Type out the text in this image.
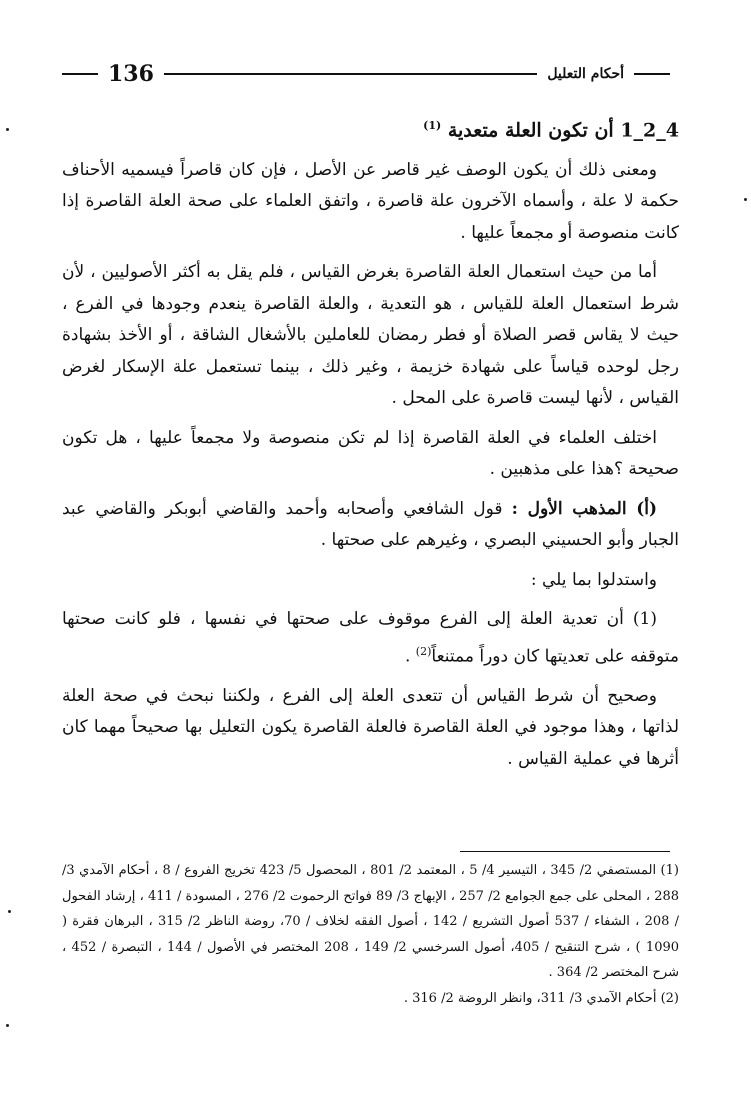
136	أحكام التعليل
1_2_4 أن تكون العلة متعدية $^{(1)}$

ومعنى ذلك أن يكون الوصف غير قاصر عن الأصل ، فإن كان قاصراً فيسميه الأحناف حكمة لا علة ، وأسماه الآخرون علة قاصرة ، واتفق العلماء على صحة العلة القاصرة إذا كانت منصوصة أو مجمعاً عليها .

أما من حيث استعمال العلة القاصرة بغرض القياس ، فلم يقل به أكثر الأصوليين ، لأن شرط استعمال العلة للقياس ، هو التعدية ، والعلة القاصرة ينعدم وجودها في الفرع ، حيث لا يقاس قصر الصلاة أو فطر رمضان للعاملين بالأشغال الشاقة ، أو الأخذ بشهادة رجل لوحده قياساً على شهادة خزيمة ، وغير ذلك ، بينما تستعمل علة الإسكار لغرض القياس ، لأنها ليست قاصرة على المحل .

اختلف العلماء في العلة القاصرة إذا لم تكن منصوصة ولا مجمعاً عليها ، هل تكون صحيحة ؟هذا على مذهبين .

(أ) المذهب الأول : قول الشافعي وأصحابه وأحمد والقاضي أبوبكر والقاضي عبد الجبار وأبو الحسيني البصري ، وغيرهم على صحتها .

واستدلوا بما يلي :

(1) أن تعدية العلة إلى الفرع موقوف على صحتها في نفسها ، فلو كانت صحتها متوقفه على تعديتها كان دوراً ممتنعاً$^{(2)}$ .

وصحيح أن شرط القياس أن تتعدى العلة إلى الفرع ، ولكننا نبحث في صحة العلة لذاتها ، وهذا موجود في العلة القاصرة فالعلة القاصرة يكون التعليل بها صحيحاً مهما كان أثرها في عملية القياس .

(1) المستصفي 2/ 345 ، التيسير 4/ 5 ، المعتمد 2/ 801 ، المحصول 5/ 423 تخريج الفروع / 8 ، أحكام الآمدي 3/ 288 ، المحلى على جمع الجوامع 2/ 257 ، الإبهاج 3/ 89 فواتح الرحموت 2/ 276 ، المسودة / 411 ، إرشاد الفحول / 208 ، الشفاء / 537 أصول التشريع / 142 ، أصول الفقه لخلاف / 70، روضة الناظر 2/ 315 ، البرهان فقرة ( 1090 ) ، شرح التنقيح / 405، أصول السرخسي 2/ 149 ، 208 المختصر في الأصول / 144 ، التبصرة / 452 ، شرح المختصر 2/ 364 .
(2) أحكام الآمدي 3/ 311، وانظر الروضة 2/ 316 .
